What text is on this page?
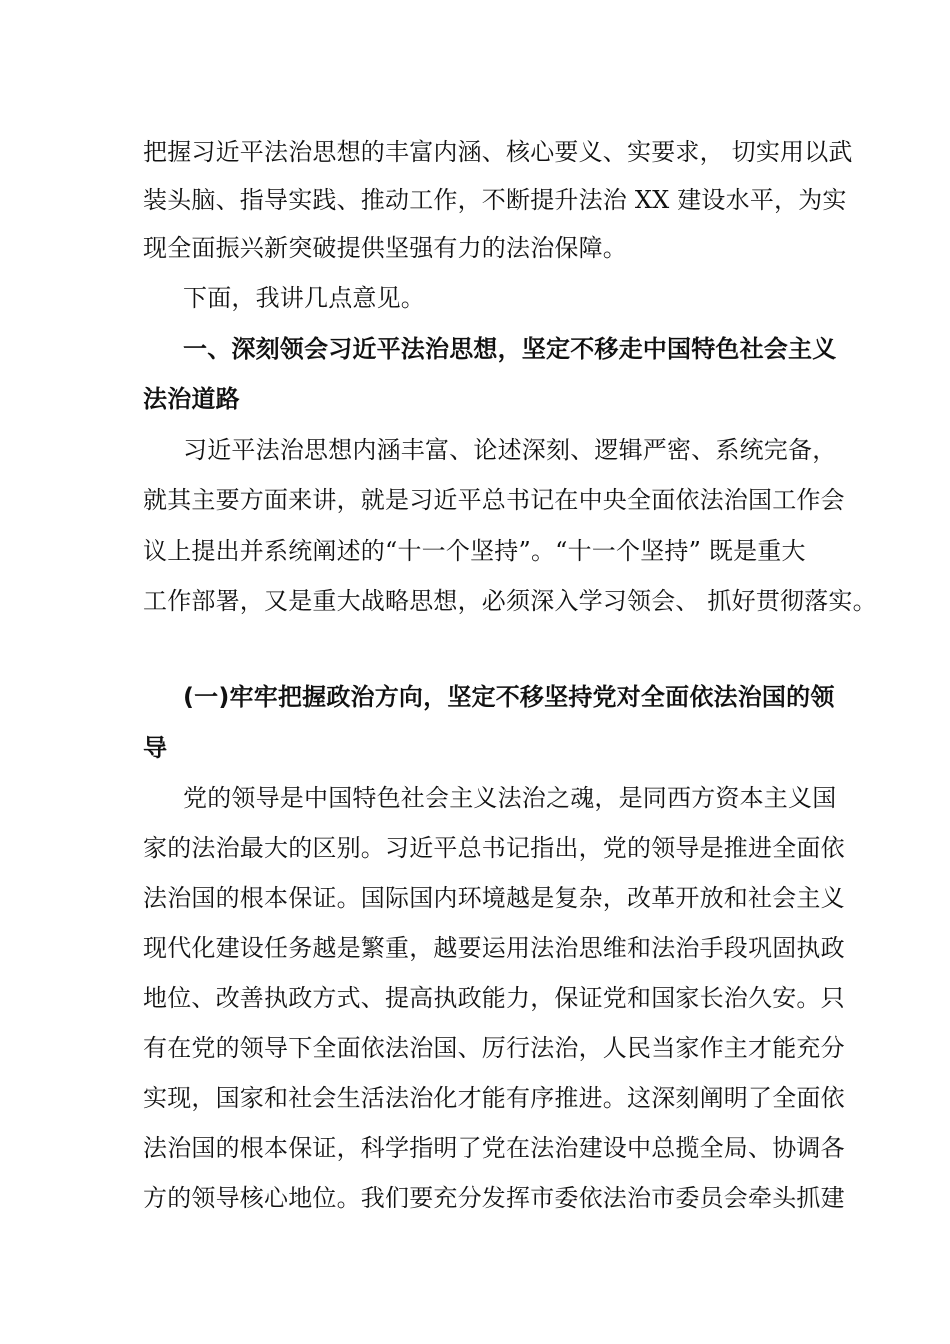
把握习近平法治思想的丰富内涵、核心要义、实要求， 切实用以武
装头脑、指导实践、推动工作，不断提升法治 XX 建设水平，为实
现全面振兴新突破提供坚强有力的法治保障。
下面，我讲几点意见。
一、深刻领会习近平法治思想，坚定不移走中国特色社会主义
法治道路
习近平法治思想内涵丰富、论述深刻、逻辑严密、系统完备，
就其主要方面来讲，就是习近平总书记在中央全面依法治国工作会
议上提出并系统阐述的“十一个坚持”。“十一个坚持” 既是重大
工作部署，又是重大战略思想，必须深入学习领会、 抓好贯彻落实。
(一)牢牢把握政治方向，坚定不移坚持党对全面依法治国的领
导
党的领导是中国特色社会主义法治之魂，是同西方资本主义国
家的法治最大的区别。习近平总书记指出，党的领导是推进全面依
法治国的根本保证。国际国内环境越是复杂，改革开放和社会主义
现代化建设任务越是繁重，越要运用法治思维和法治手段巩固执政
地位、改善执政方式、提高执政能力，保证党和国家长治久安。只
有在党的领导下全面依法治国、厉行法治，人民当家作主才能充分
实现，国家和社会生活法治化才能有序推进。这深刻阐明了全面依
法治国的根本保证，科学指明了党在法治建设中总揽全局、协调各
方的领导核心地位。我们要充分发挥市委依法治市委员会牵头抓建
